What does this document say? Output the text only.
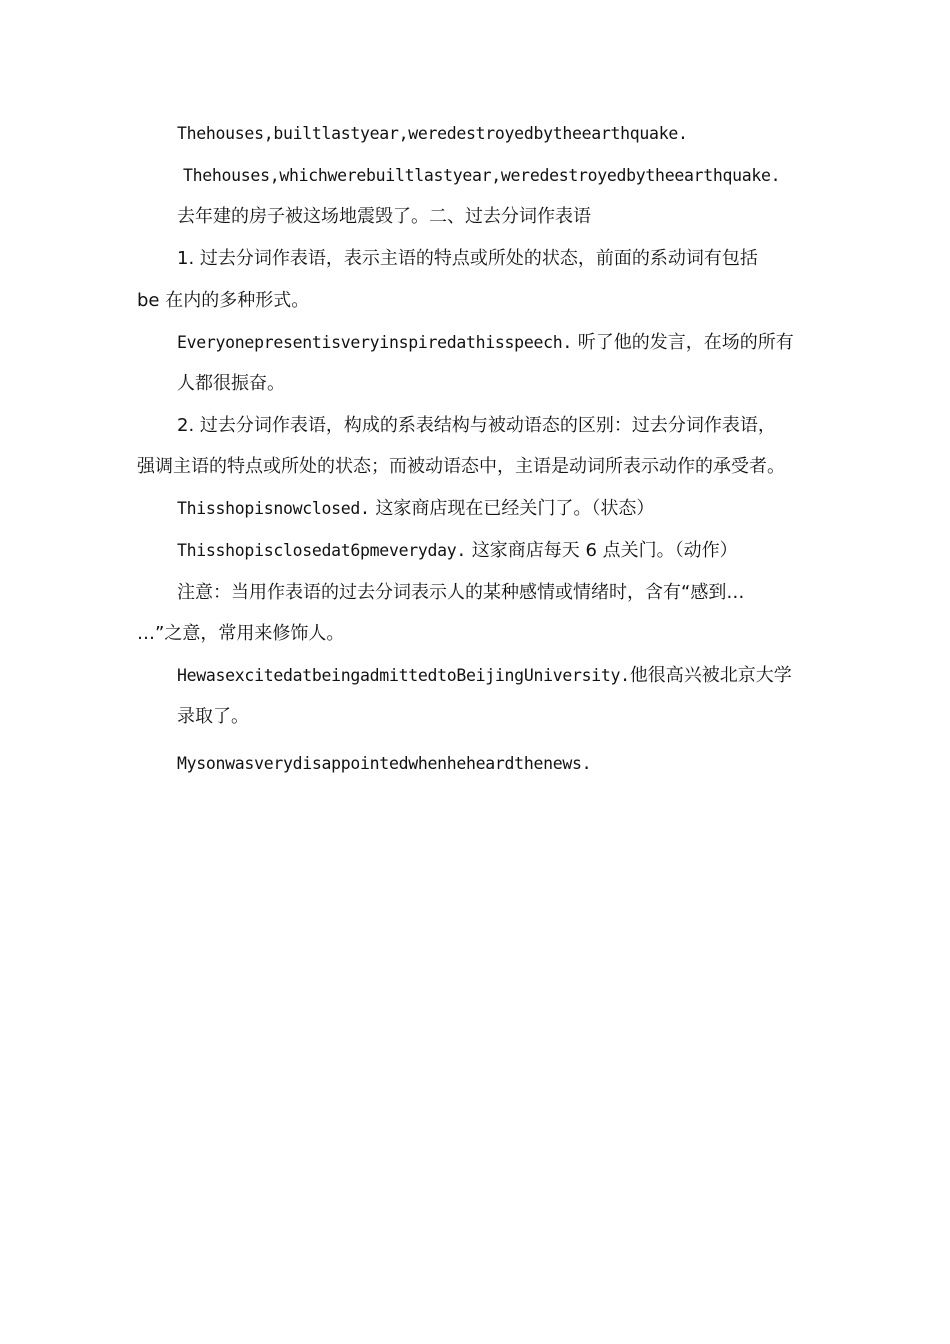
Thehouses,builtlastyear,weredestroyedbytheearthquake.
Thehouses,whichwerebuiltlastyear,weredestroyedbytheearthquake.
去年建的房子被这场地震毁了。二、过去分词作表语
1. 过去分词作表语，表示主语的特点或所处的状态，前面的系动词有包括
be 在内的多种形式。
Everyonepresentisveryinspiredathisspeech. 听了他的发言，在场的所有
人都很振奋。
2. 过去分词作表语，构成的系表结构与被动语态的区别：过去分词作表语，
强调主语的特点或所处的状态；而被动语态中，主语是动词所表示动作的承受者。
Thisshopisnowclosed. 这家商店现在已经关门了。（状态）
Thisshopisclosedat6pmeveryday. 这家商店每天 6 点关门。（动作）
注意：当用作表语的过去分词表示人的某种感情或情绪时，含有“感到…
…”之意，常用来修饰人。
HewasexcitedatbeingadmittedtoBeijingUniversity.他很高兴被北京大学
录取了。
Mysonwasverydisappointedwhenheheardthenews.
